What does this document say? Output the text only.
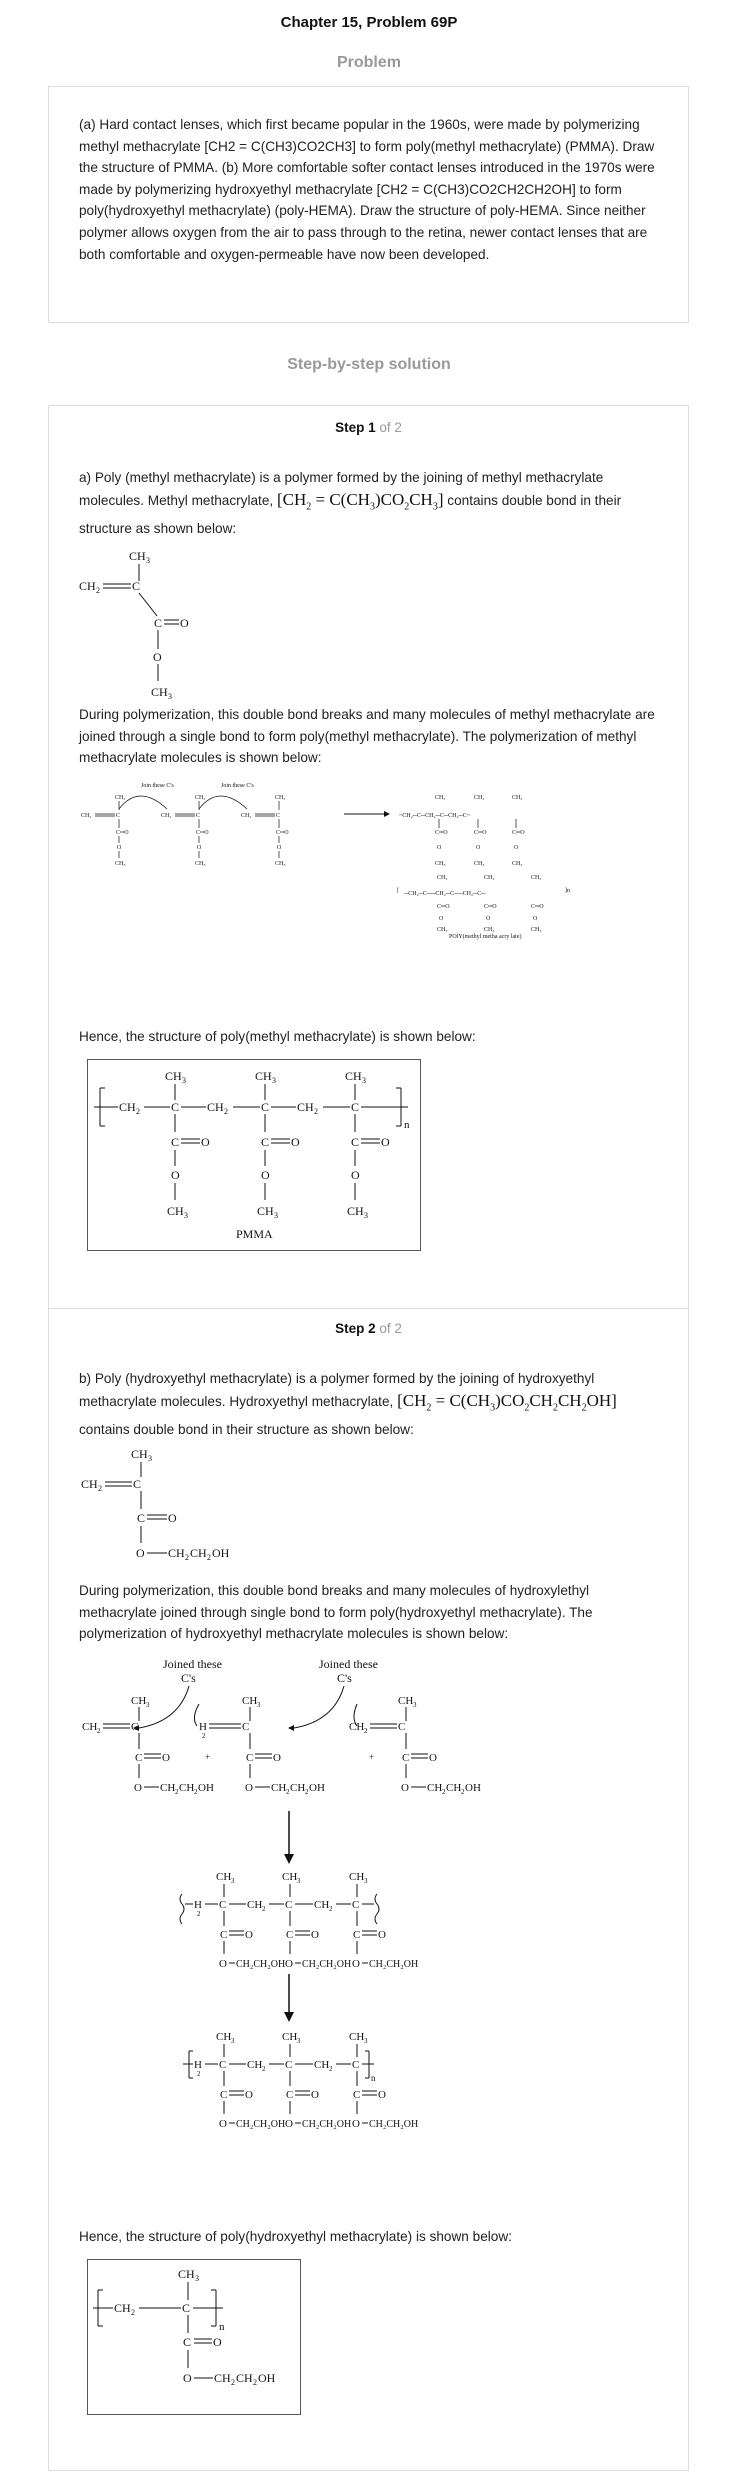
Chapter 15, Problem 69P
Problem
(a) Hard contact lenses, which first became popular in the 1960s, were made by polymerizing methyl methacrylate [CH2 = C(CH3)CO2CH3] to form poly(methyl methacrylate) (PMMA). Draw the structure of PMMA. (b) More comfortable softer contact lenses introduced in the 1970s were made by polymerizing hydroxyethyl methacrylate [CH2 = C(CH3)CO2CH2CH2OH] to form poly(hydroxyethyl methacrylate) (poly-HEMA). Draw the structure of poly-HEMA. Since neither polymer allows oxygen from the air to pass through to the retina, newer contact lenses that are both comfortable and oxygen-permeable have now been developed.
Step-by-step solution
Step 1 of 2
a) Poly (methyl methacrylate) is a polymer formed by the joining of methyl methacrylate molecules. Methyl methacrylate, $[CH_2 = C(CH_3)CO_2CH_3]$ contains double bond in their structure as shown below:
CH 3
CH 2	C
C O
O
CH 3
During polymerization, this double bond breaks and many molecules of methyl methacrylate are joined through a single bond to form poly(methyl methacrylate). The polymerization of methyl methacrylate molecules is shown below:
CH₂	C
CH₃
C═O
O
CH₃
CH₂	C
CH₃
C═O
O
CH₃
CH₂	C
CH₃
C═O
O
CH₃
Join these C's	Join these C's
~CH₂─C─CH₂─C─CH₂─C~
CH₃	CH₃	CH₃
C═O	C═O	C═O
O	O	O
CH₃	CH₃	CH₃
[ ─CH₂─C──CH₂─C──CH₂─C─	]n
CH₃	CH₃	CH₃
C═O	C═O	C═O
O	O	O
CH₃	CH₃	CH₃
POlY(methyl metha acry late)
Hence, the structure of poly(methyl methacrylate) is shown below:
CH 3	CH 3	CH 3
n
CH 2	C CH 2	C CH 2	C
C O
O
CH 3
C O
O
CH 3
C O
O
CH 3
PMMA
Step 2 of 2
b) Poly (hydroxyethyl methacrylate) is a polymer formed by the joining of hydroxyethyl methacrylate molecules. Hydroxyethyl methacrylate, $[CH_2 = C(CH_3)CO_2CH_2CH_2OH]$ contains double bond in their structure as shown below:
CH 3
CH 2	C
C O
O CH 2 CH 2 OH
During polymerization, this double bond breaks and many molecules of hydroxylethyl methacrylate joined through single bond to form poly(hydroxyethyl methacrylate). The polymerization of hydroxyethyl methacrylate molecules is shown below:
Joined these
C's
Joined these
C's
CH 3
CH 2	C
C O
O CH 2 CH 2 OH
+
CH 3
H
2
C
C O
O CH 2 CH 2 OH
+
CH 3
CH 2	C
C O
O CH 2 CH 2 OH
H
2
C CH 2 C CH 2 C
CH 3
C O
O CH₂CH₂OH
CH 3
C O
O CH₂CH₂OH
CH 3
C O
O CH₂CH₂OH
H
2
C CH 2 C CH 2 C
n
CH 3
C O
O CH₂CH₂OH
CH 3
C O
O CH₂CH₂OH
CH 3
C O
O CH₂CH₂OH
Hence, the structure of poly(hydroxyethyl methacrylate) is shown below:
CH 3
CH 2	C
n
C O
O CH 2 CH 2 OH
